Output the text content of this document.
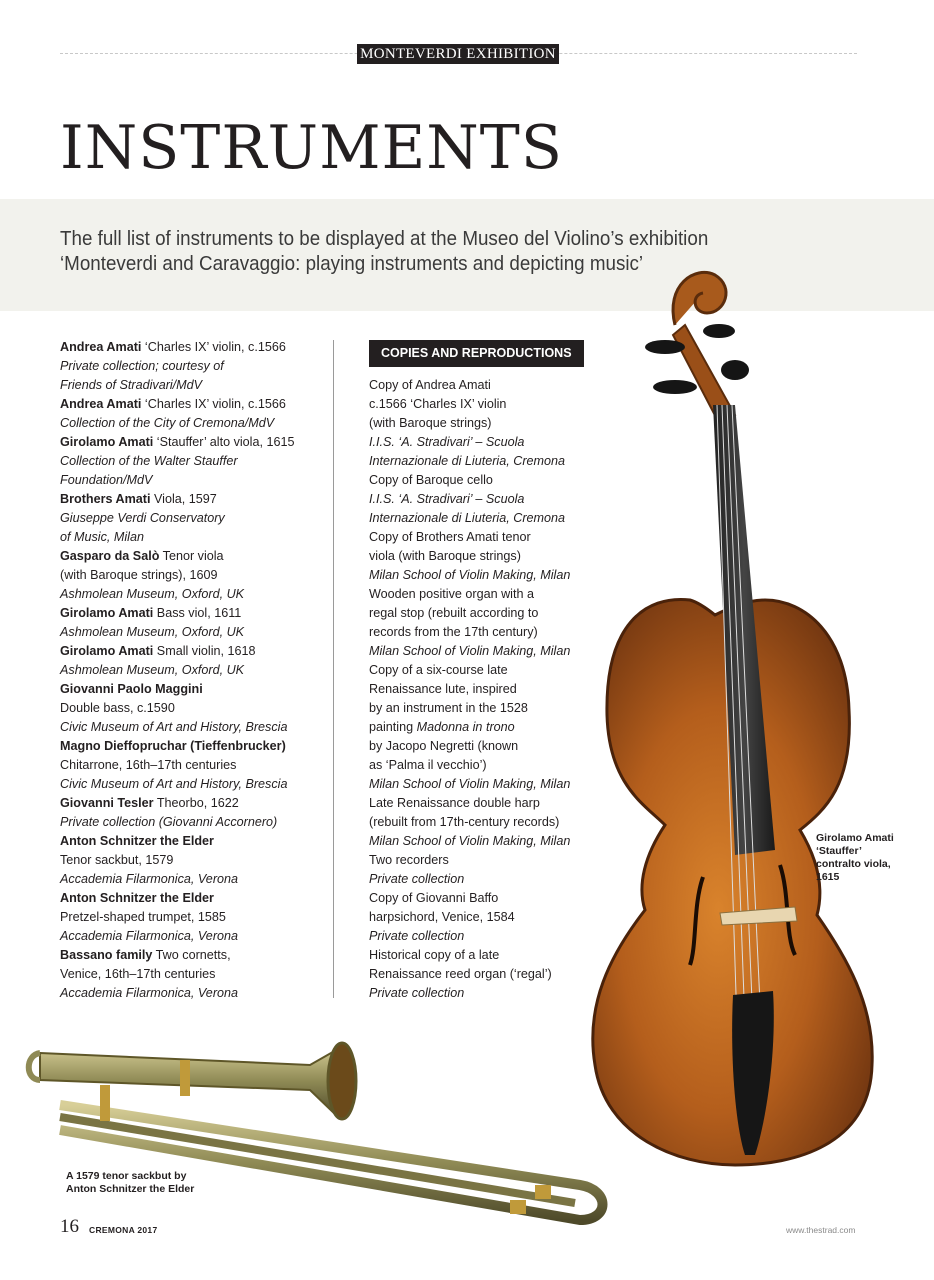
MONTEVERDI EXHIBITION
INSTRUMENTS
The full list of instruments to be displayed at the Museo del Violino’s exhibition
‘Monteverdi and Caravaggio: playing instruments and depicting music’
Andrea Amati ‘Charles IX’ violin, c.1566
Private collection; courtesy of
Friends of Stradivari/MdV
Andrea Amati ‘Charles IX’ violin, c.1566
Collection of the City of Cremona/MdV
Girolamo Amati ‘Stauffer’ alto viola, 1615
Collection of the Walter Stauffer
Foundation/MdV
Brothers Amati Viola, 1597
Giuseppe Verdi Conservatory
of Music, Milan
Gasparo da Salò Tenor viola
(with Baroque strings), 1609
Ashmolean Museum, Oxford, UK
Girolamo Amati Bass viol, 1611
Ashmolean Museum, Oxford, UK
Girolamo Amati Small violin, 1618
Ashmolean Museum, Oxford, UK
Giovanni Paolo Maggini
Double bass, c.1590
Civic Museum of Art and History, Brescia
Magno Dieffopruchar (Tieffenbrucker)
Chitarrone, 16th–17th centuries
Civic Museum of Art and History, Brescia
Giovanni Tesler Theorbo, 1622
Private collection (Giovanni Accornero)
Anton Schnitzer the Elder
Tenor sackbut, 1579
Accademia Filarmonica, Verona
Anton Schnitzer the Elder
Pretzel-shaped trumpet, 1585
Accademia Filarmonica, Verona
Bassano family Two cornetts,
Venice, 16th–17th centuries
Accademia Filarmonica, Verona
COPIES AND REPRODUCTIONS
Copy of Andrea Amati
c.1566 ‘Charles IX’ violin
(with Baroque strings)
I.I.S. ‘A. Stradivari’ – Scuola
Internazionale di Liuteria, Cremona
Copy of Baroque cello
I.I.S. ‘A. Stradivari’ – Scuola
Internazionale di Liuteria, Cremona
Copy of Brothers Amati tenor
viola (with Baroque strings)
Milan School of Violin Making, Milan
Wooden positive organ with a
regal stop (rebuilt according to
records from the 17th century)
Milan School of Violin Making, Milan
Copy of a six-course late
Renaissance lute, inspired
by an instrument in the 1528
painting Madonna in trono
by Jacopo Negretti (known
as ‘Palma il vecchio’)
Milan School of Violin Making, Milan
Late Renaissance double harp
(rebuilt from 17th-century records)
Milan School of Violin Making, Milan
Two recorders
Private collection
Copy of Giovanni Baffo
harpsichord, Venice, 1584
Private collection
Historical copy of a late
Renaissance reed organ (‘regal’)
Private collection
Girolamo Amati
‘Stauffer’
contralto viola,
1615
A 1579 tenor sackbut by
Anton Schnitzer the Elder
16 CREMONA 2017	www.thestrad.com
